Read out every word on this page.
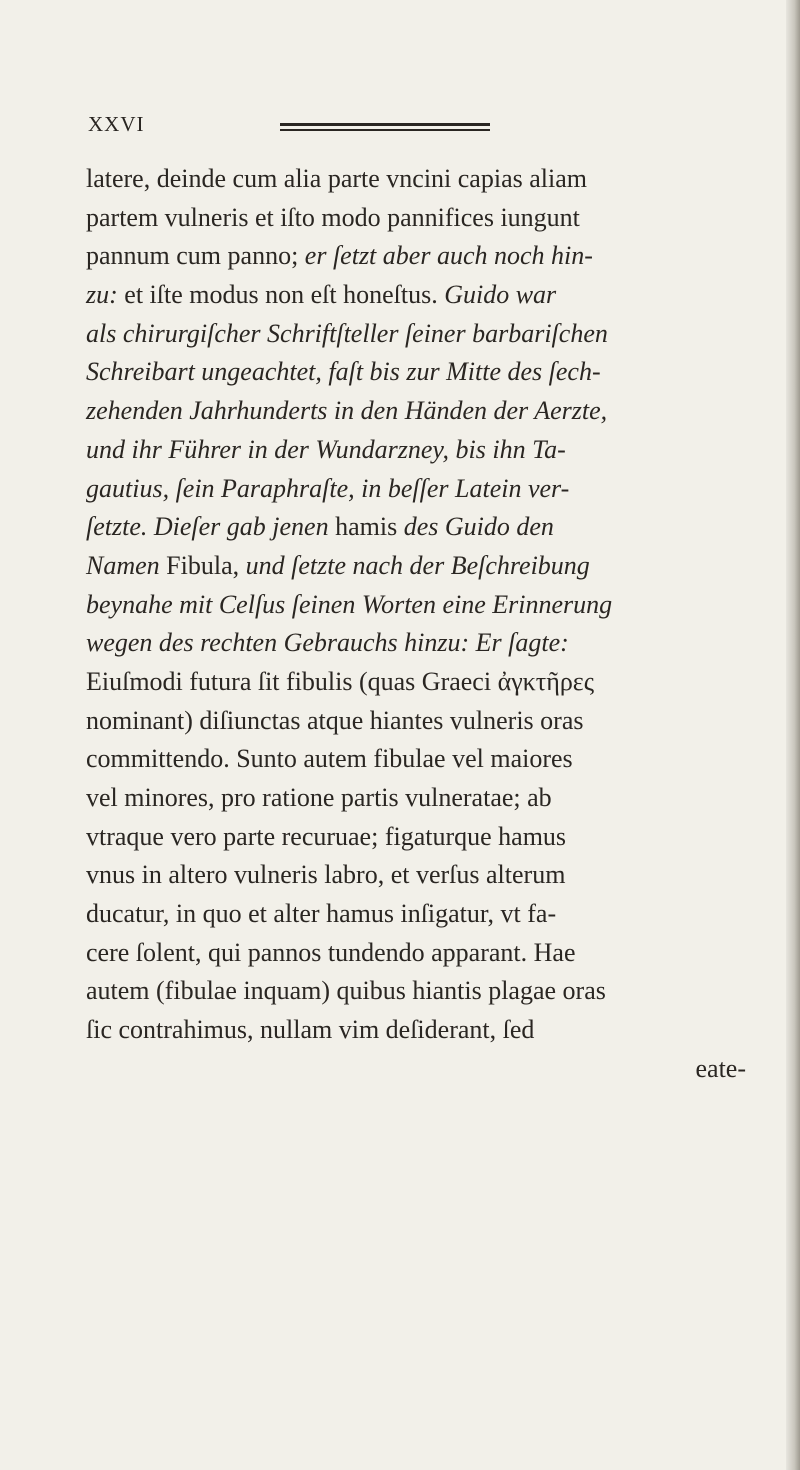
XXVI
latere, deinde cum alia parte vncini capias aliam
partem vulneris et iſto modo pannifices iungunt
pannum cum panno; er ſetzt aber auch noch hin-
zu: et iſte modus non eſt honeſtus. Guido war
als chirurgiſcher Schriftſteller ſeiner barbariſchen
Schreibart ungeachtet, faſt bis zur Mitte des ſech-
zehenden Jahrhunderts in den Händen der Aerzte,
und ihr Führer in der Wundarzney, bis ihn Ta-
gautius, ſein Paraphraſte, in beſſer Latein ver-
ſetzte. Dieſer gab jenen hamis des Guido den
Namen Fibula, und ſetzte nach der Beſchreibung
beynahe mit Celſus ſeinen Worten eine Erinnerung
wegen des rechten Gebrauchs hinzu: Er ſagte:
Eiuſmodi futura ſit fibulis (quas Graeci ἀγκτῆρες
nominant) diſiunctas atque hiantes vulneris oras
committendo. Sunto autem fibulae vel maiores
vel minores, pro ratione partis vulneratae; ab
vtraque vero parte recuruae; figaturque hamus
vnus in altero vulneris labro, et verſus alterum
ducatur, in quo et alter hamus inſigatur, vt fa-
cere ſolent, qui pannos tundendo apparant. Hae
autem (fibulae inquam) quibus hiantis plagae oras
ſic contrahimus, nullam vim deſiderant, ſed
eate-
